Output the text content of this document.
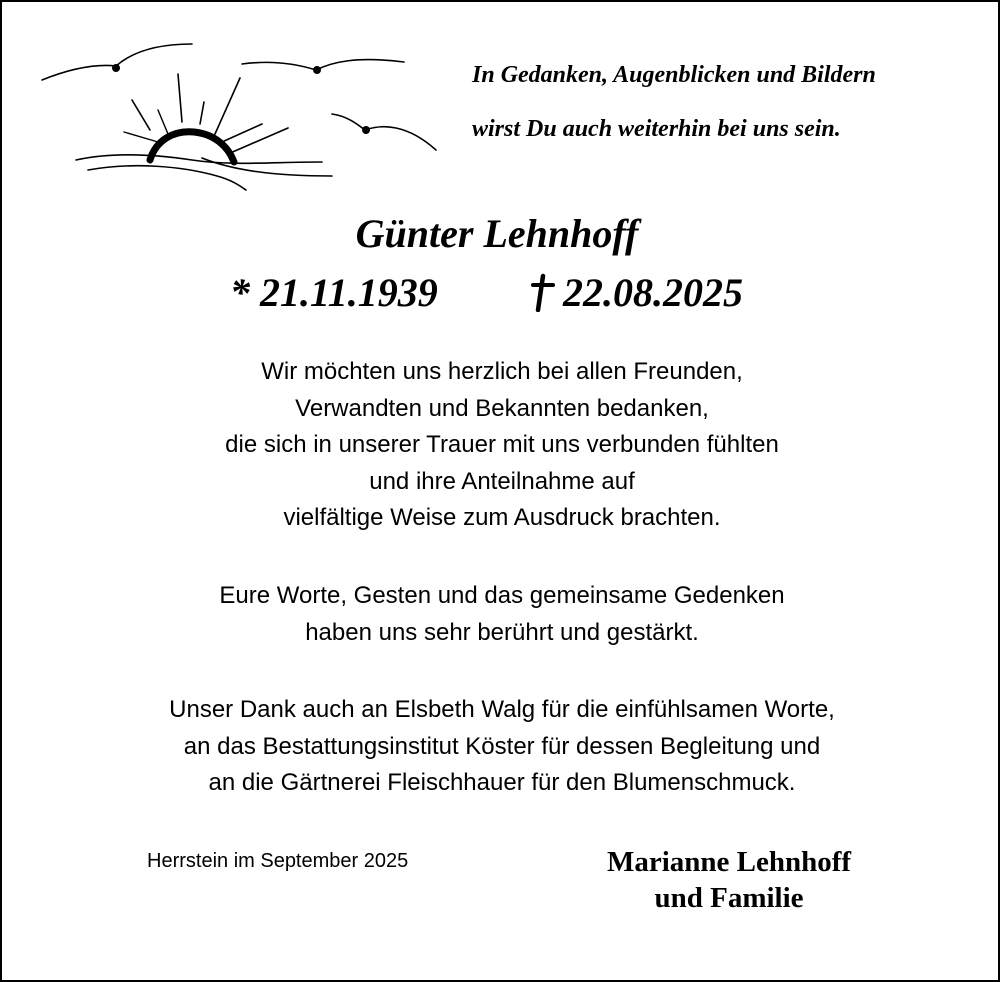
In Gedanken, Augenblicken und Bildern
wirst Du auch weiterhin bei uns sein.
Günter Lehnhoff
* 21.11.1939	22.08.2025
Wir möchten uns herzlich bei allen Freunden,
Verwandten und Bekannten bedanken,
die sich in unserer Trauer mit uns verbunden fühlten
und ihre Anteilnahme auf
vielfältige Weise zum Ausdruck brachten.
Eure Worte, Gesten und das gemeinsame Gedenken
haben uns sehr berührt und gestärkt.
Unser Dank auch an Elsbeth Walg für die einfühlsamen Worte,
an das Bestattungsinstitut Köster für dessen Begleitung und
an die Gärtnerei Fleischhauer für den Blumenschmuck.
Herrstein im September 2025	Marianne Lehnhoff
und Familie
